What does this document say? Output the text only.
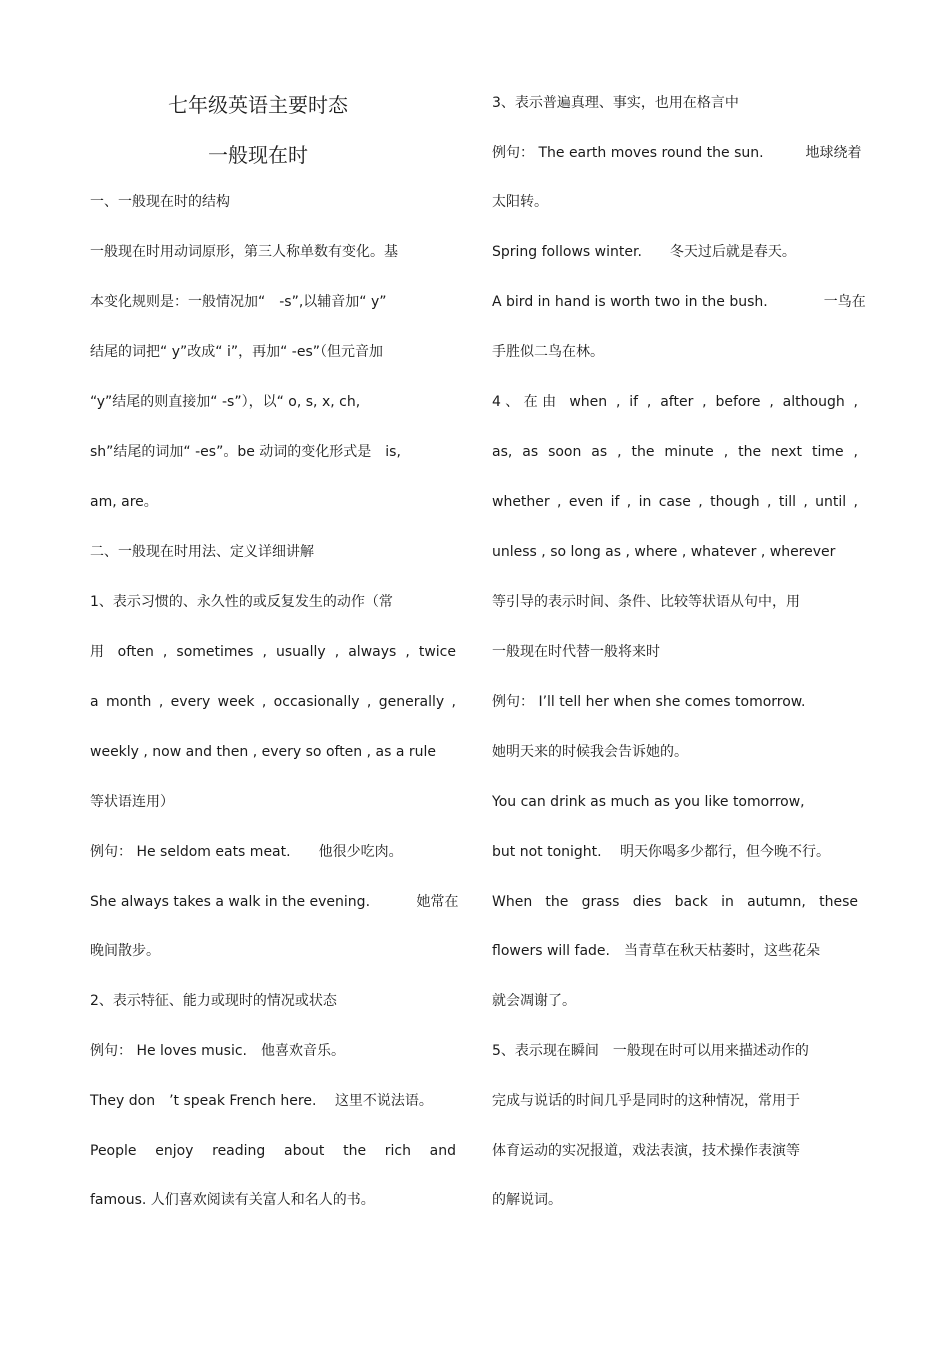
七年级英语主要时态
一般现在时
一、一般现在时的结构
一般现在时用动词原形，第三人称单数有变化。基
本变化规则是：一般情况加“　-s”,以辅音加“ y”
结尾的词把“ y”改成“ i”，再加“ -es”（但元音加
“y”结尾的则直接加“ -s”），以“ o, s, x, ch,
sh”结尾的词加“ -es”。be 动词的变化形式是　is,
am, are。
二、一般现在时用法、定义详细讲解
1、表示习惯的、永久性的或反复发生的动作（常
用 often , sometimes , usually , always , twice
a month , every week , occasionally , generally ,
weekly , now and then , every so often , as a rule
等状语连用）
例句： He seldom eats meat.　　他很少吃肉。
She always takes a walk in the evening.　　　 她常在
晚间散步。
2、表示特征、能力或现时的情况或状态
例句： He loves music.　他喜欢音乐。
They don　’t speak French here.　 这里不说法语。
People enjoy reading about the rich and
famous. 人们喜欢阅读有关富人和名人的书。
3、表示普遍真理、事实，也用在格言中
例句： The earth moves round the sun.　　　地球绕着
太阳转。
Spring follows winter.　　冬天过后就是春天。
A bird in hand is worth two in the bush.　　　　一鸟在
手胜似二鸟在林。
4、在由 when , if , after , before , although ,
as, as soon as , the minute , the next time ,
whether , even if , in case , though , till , until ,
unless , so long as , where , whatever , wherever
等引导的表示时间、条件、比较等状语从句中，用
一般现在时代替一般将来时
例句： I’ll tell her when she comes tomorrow.
她明天来的时候我会告诉她的。
You can drink as much as you like tomorrow,
but not tonight.　 明天你喝多少都行，但今晚不行。
When the grass dies back in autumn, these
flowers will fade.　当青草在秋天枯萎时，这些花朵
就会凋谢了。
5、表示现在瞬间　一般现在时可以用来描述动作的
完成与说话的时间几乎是同时的这种情况，常用于
体育运动的实况报道，戏法表演，技术操作表演等
的解说词。
